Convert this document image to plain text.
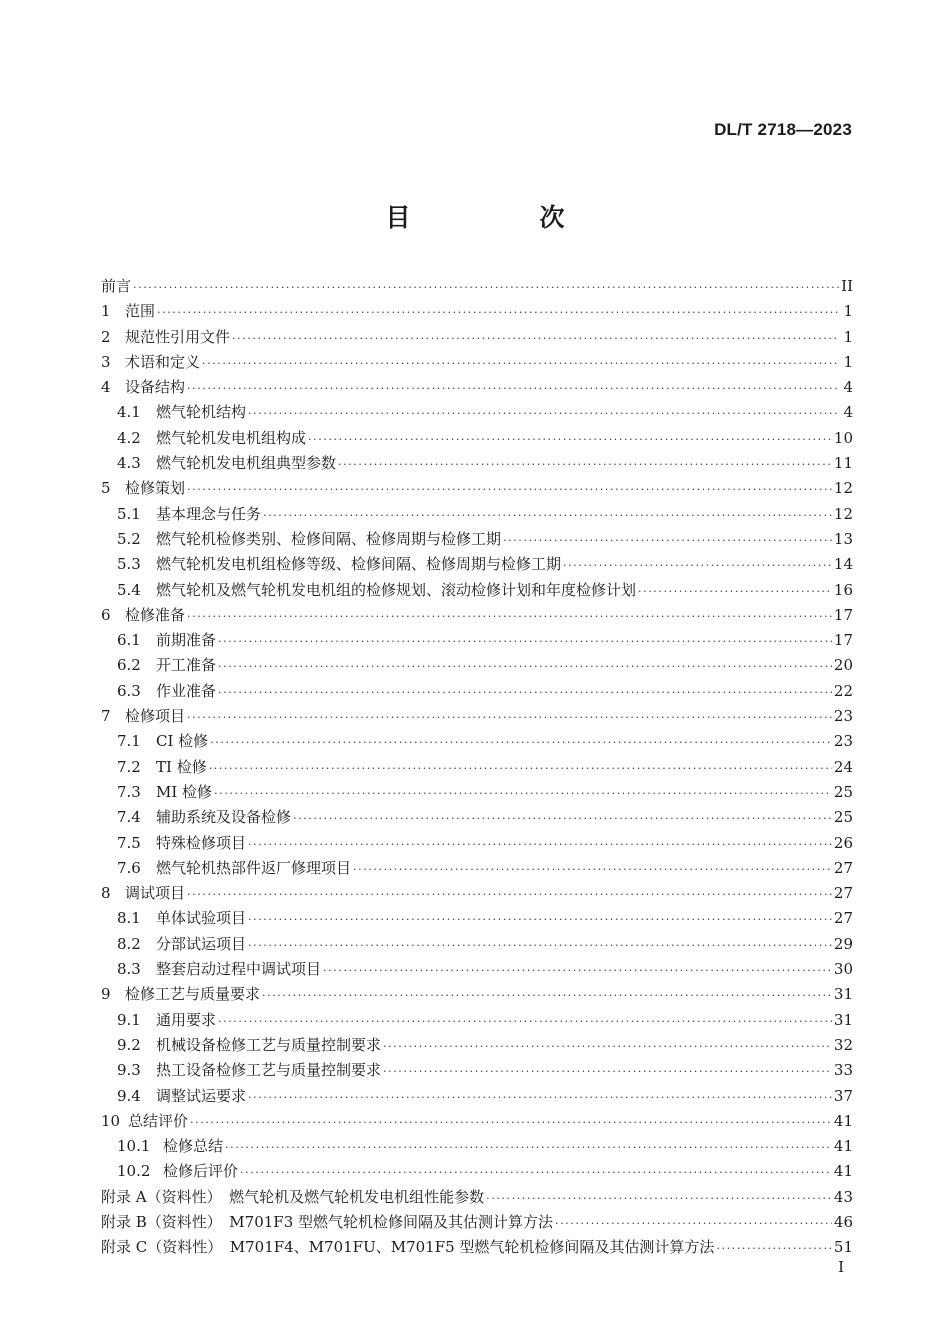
DL/T 2718—2023
目　次
前言 ·····	II
1 范围 ·····	1
2 规范性引用文件 ·····	1
3 术语和定义 ·····	1
4 设备结构 ·····	4
4.1	燃气轮机结构 ·····	4
4.2	燃气轮机发电机组构成 ·····	10
4.3	燃气轮机发电机组典型参数 ·····	11
5 检修策划 ·····	12
5.1	基本理念与任务 ·····	12
5.2	燃气轮机检修类别、检修间隔、检修周期与检修工期 ·····	13
5.3	燃气轮机发电机组检修等级、检修间隔、检修周期与检修工期 ·····	14
5.4	燃气轮机及燃气轮机发电机组的检修规划、滚动检修计划和年度检修计划 ·····	16
6 检修准备 ·····	17
6.1	前期准备 ·····	17
6.2	开工准备 ·····	20
6.3	作业准备 ·····	22
7 检修项目 ·····	23
7.1	CI 检修 ·····	23
7.2	TI 检修 ·····	24
7.3	MI 检修 ·····	25
7.4	辅助系统及设备检修 ·····	25
7.5	特殊检修项目 ·····	26
7.6	燃气轮机热部件返厂修理项目 ·····	27
8 调试项目 ·····	27
8.1	单体试验项目 ·····	27
8.2	分部试运项目 ·····	29
8.3	整套启动过程中调试项目 ·····	30
9 检修工艺与质量要求 ·····	31
9.1	通用要求 ·····	31
9.2	机械设备检修工艺与质量控制要求 ·····	32
9.3	热工设备检修工艺与质量控制要求 ·····	33
9.4	调整试运要求 ·····	37
10 总结评价 ·····	41
10.1 检修总结 ·····	41
10.2 检修后评价 ·····	41
附录 A（资料性）　燃气轮机及燃气轮机发电机组性能参数 ·····	43
附录 B（资料性）　M701F3 型燃气轮机检修间隔及其估测计算方法 ·····	46
附录 C（资料性）　M701F4、M701FU、M701F5 型燃气轮机检修间隔及其估测计算方法 ·····	51
I
